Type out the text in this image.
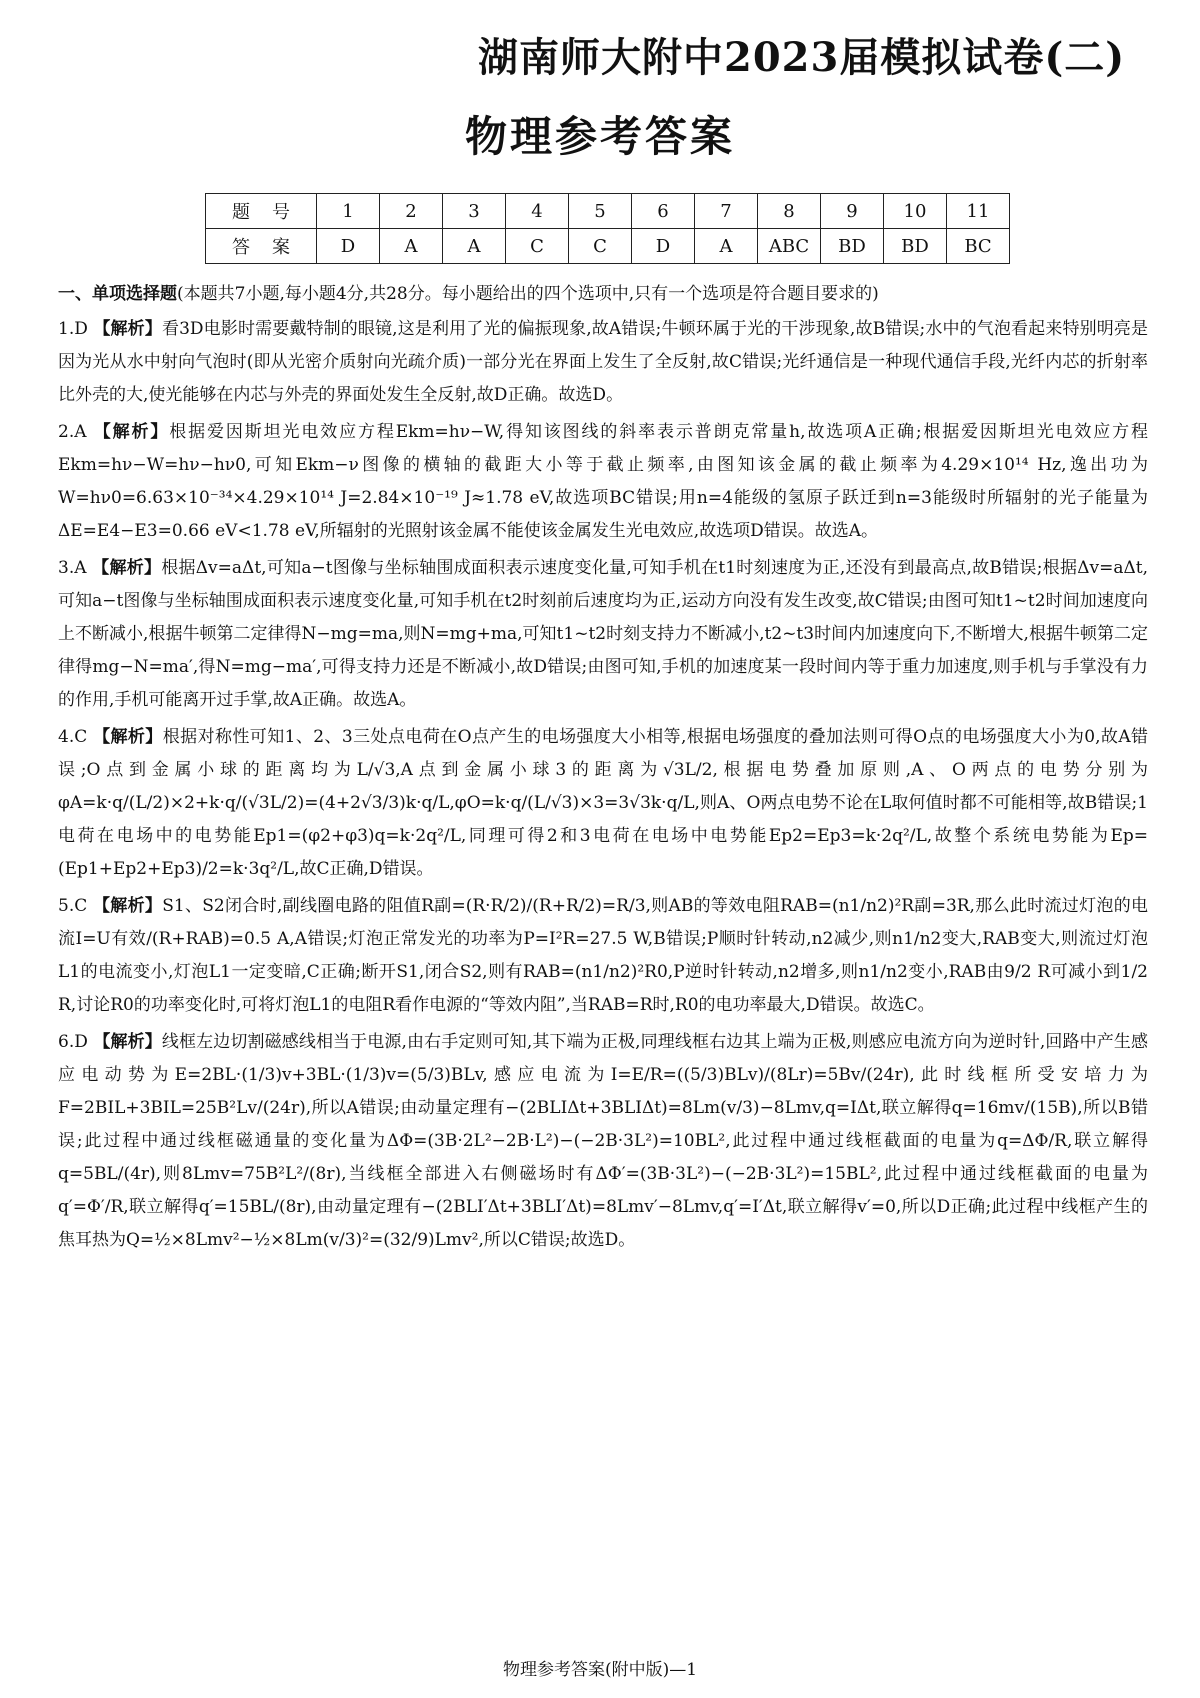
湖南师大附中2023届模拟试卷(二)
物理参考答案
题号	1	2	3	4	5	6	7	8	9	10	11
答案	D	A	A	C	C	D	A	ABC	BD	BD	BC
一、单项选择题(本题共7小题,每小题4分,共28分。每小题给出的四个选项中,只有一个选项是符合题目要求的)

1.D 【解析】看3D电影时需要戴特制的眼镜,这是利用了光的偏振现象,故A错误;牛顿环属于光的干涉现象,故B错误;水中的气泡看起来特别明亮是因为光从水中射向气泡时(即从光密介质射向光疏介质)一部分光在界面上发生了全反射,故C错误;光纤通信是一种现代通信手段,光纤内芯的折射率比外壳的大,使光能够在内芯与外壳的界面处发生全反射,故D正确。故选D。

2.A 【解析】根据爱因斯坦光电效应方程Ekm=hν−W,得知该图线的斜率表示普朗克常量h,故选项A正确;根据爱因斯坦光电效应方程Ekm=hν−W=hν−hν0,可知Ekm−ν图像的横轴的截距大小等于截止频率,由图知该金属的截止频率为4.29×10¹⁴ Hz,逸出功为W=hν0=6.63×10⁻³⁴×4.29×10¹⁴ J=2.84×10⁻¹⁹ J≈1.78 eV,故选项BC错误;用n=4能级的氢原子跃迁到n=3能级时所辐射的光子能量为ΔE=E4−E3=0.66 eV<1.78 eV,所辐射的光照射该金属不能使该金属发生光电效应,故选项D错误。故选A。

3.A 【解析】根据Δv=aΔt,可知a−t图像与坐标轴围成面积表示速度变化量,可知手机在t1时刻速度为正,还没有到最高点,故B错误;根据Δv=aΔt,可知a−t图像与坐标轴围成面积表示速度变化量,可知手机在t2时刻前后速度均为正,运动方向没有发生改变,故C错误;由图可知t1~t2时间加速度向上不断减小,根据牛顿第二定律得N−mg=ma,则N=mg+ma,可知t1~t2时刻支持力不断减小,t2~t3时间内加速度向下,不断增大,根据牛顿第二定律得mg−N=ma′,得N=mg−ma′,可得支持力还是不断减小,故D错误;由图可知,手机的加速度某一段时间内等于重力加速度,则手机与手掌没有力的作用,手机可能离开过手掌,故A正确。故选A。

4.C 【解析】根据对称性可知1、2、3三处点电荷在O点产生的电场强度大小相等,根据电场强度的叠加法则可得O点的电场强度大小为0,故A错误;O点到金属小球的距离均为L/√3,A点到金属小球3的距离为√3L/2,根据电势叠加原则,A、O两点的电势分别为φA=k·q/(L/2)×2+k·q/(√3L/2)=(4+2√3/3)k·q/L,φO=k·q/(L/√3)×3=3√3k·q/L,则A、O两点电势不论在L取何值时都不可能相等,故B错误;1电荷在电场中的电势能Ep1=(φ2+φ3)q=k·2q²/L,同理可得2和3电荷在电场中电势能Ep2=Ep3=k·2q²/L,故整个系统电势能为Ep=(Ep1+Ep2+Ep3)/2=k·3q²/L,故C正确,D错误。

5.C 【解析】S1、S2闭合时,副线圈电路的阻值R副=(R·R/2)/(R+R/2)=R/3,则AB的等效电阻RAB=(n1/n2)²R副=3R,那么此时流过灯泡的电流I=U有效/(R+RAB)=0.5 A,A错误;灯泡正常发光的功率为P=I²R=27.5 W,B错误;P顺时针转动,n2减少,则n1/n2变大,RAB变大,则流过灯泡L1的电流变小,灯泡L1一定变暗,C正确;断开S1,闭合S2,则有RAB=(n1/n2)²R0,P逆时针转动,n2增多,则n1/n2变小,RAB由9/2 R可减小到1/2 R,讨论R0的功率变化时,可将灯泡L1的电阻R看作电源的“等效内阻”,当RAB=R时,R0的电功率最大,D错误。故选C。

6.D 【解析】线框左边切割磁感线相当于电源,由右手定则可知,其下端为正极,同理线框右边其上端为正极,则感应电流方向为逆时针,回路中产生感应电动势为E=2BL·(1/3)v+3BL·(1/3)v=(5/3)BLv,感应电流为I=E/R=((5/3)BLv)/(8Lr)=5Bv/(24r),此时线框所受安培力为F=2BIL+3BIL=25B²Lv/(24r),所以A错误;由动量定理有−(2BLIΔt+3BLIΔt)=8Lm(v/3)−8Lmv,q=IΔt,联立解得q=16mv/(15B),所以B错误;此过程中通过线框磁通量的变化量为ΔΦ=(3B·2L²−2B·L²)−(−2B·3L²)=10BL²,此过程中通过线框截面的电量为q=ΔΦ/R,联立解得q=5BL/(4r),则8Lmv=75B²L²/(8r),当线框全部进入右侧磁场时有ΔΦ′=(3B·3L²)−(−2B·3L²)=15BL²,此过程中通过线框截面的电量为q′=Φ′/R,联立解得q′=15BL/(8r),由动量定理有−(2BLI′Δt+3BLI′Δt)=8Lmv′−8Lmv,q′=I′Δt,联立解得v′=0,所以D正确;此过程中线框产生的焦耳热为Q=½×8Lmv²−½×8Lm(v/3)²=(32/9)Lmv²,所以C错误;故选D。

物理参考答案(附中版)—1
